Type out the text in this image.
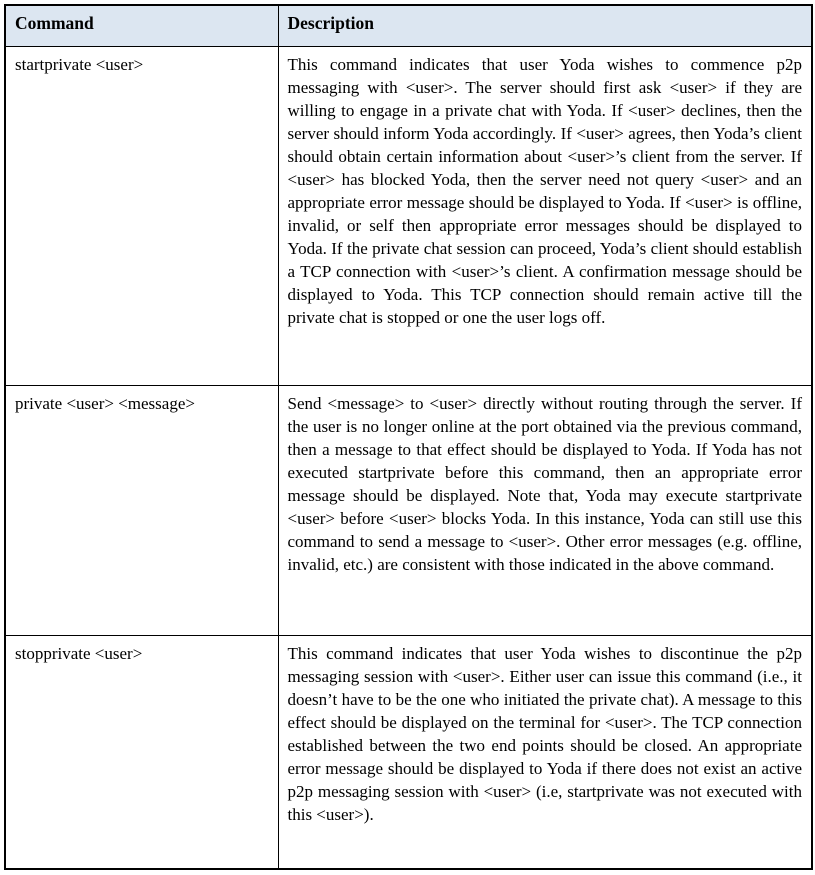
Command	Description
startprivate <user>	This command indicates that user Yoda wishes to commence p2p messaging with <user>. The server should first ask <user> if they are willing to engage in a private chat with Yoda. If <user> declines, then the server should inform Yoda accordingly. If <user> agrees, then Yoda’s client should obtain certain information about <user>’s client from the server. If <user> has blocked Yoda, then the server need not query <user> and an appropriate error message should be displayed to Yoda. If <user> is offline, invalid, or self then appropriate error messages should be displayed to Yoda. If the private chat session can proceed, Yoda’s client should establish a TCP connection with <user>’s client. A confirmation message should be displayed to Yoda. This TCP connection should remain active till the private chat is stopped or one the user logs off.
private <user> <message>	Send <message> to <user> directly without routing through the server. If the user is no longer online at the port obtained via the previous command, then a message to that effect should be displayed to Yoda. If Yoda has not executed startprivate before this command, then an appropriate error message should be displayed. Note that, Yoda may execute startprivate <user> before <user> blocks Yoda. In this instance, Yoda can still use this command to send a message to <user>. Other error messages (e.g. offline, invalid, etc.) are consistent with those indicated in the above command.
stopprivate <user>	This command indicates that user Yoda wishes to discontinue the p2p messaging session with <user>. Either user can issue this command (i.e., it doesn’t have to be the one who initiated the private chat). A message to this effect should be displayed on the terminal for <user>. The TCP connection established between the two end points should be closed. An appropriate error message should be displayed to Yoda if there does not exist an active p2p messaging session with <user> (i.e, startprivate was not executed with this <user>).
